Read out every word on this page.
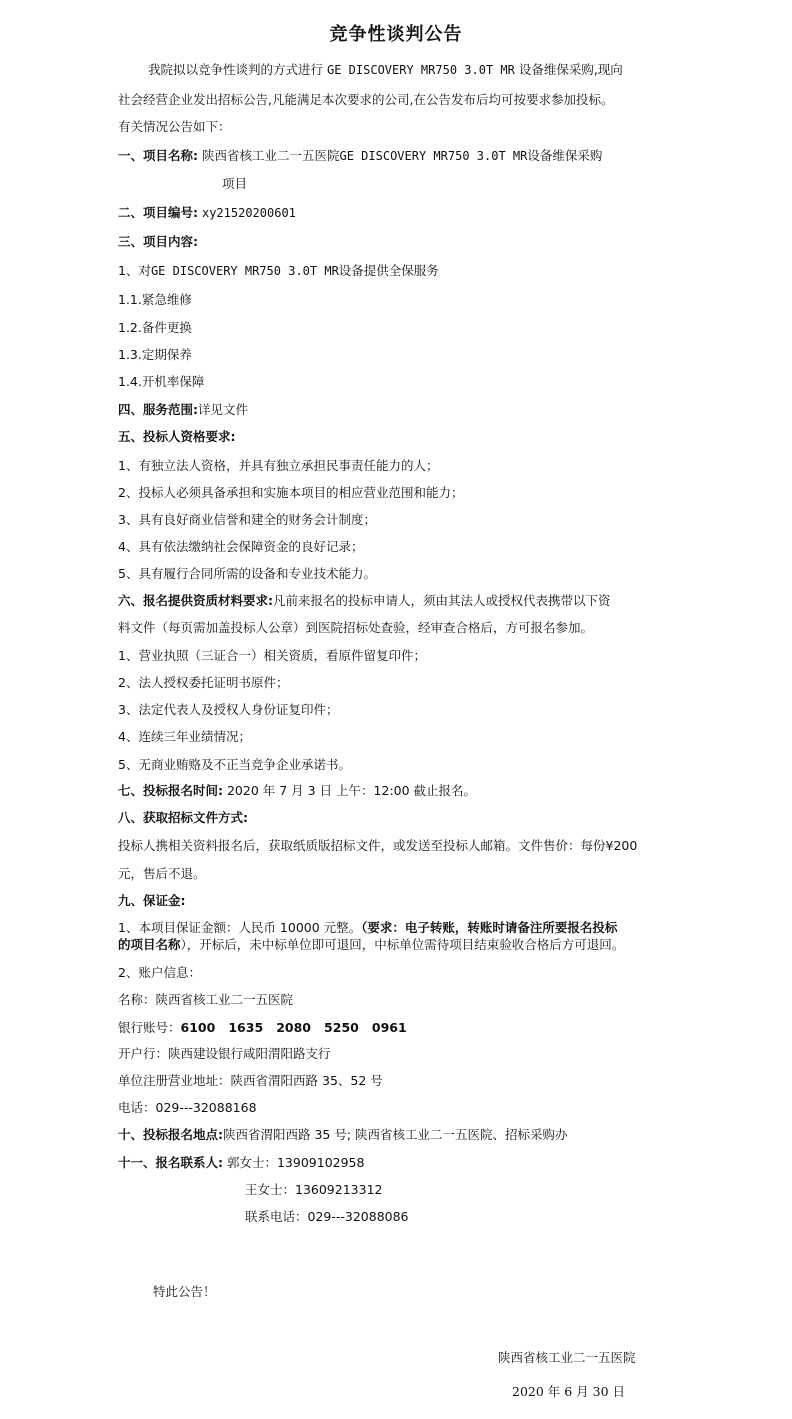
竞争性谈判公告
我院拟以竞争性谈判的方式进行 GE DISCOVERY MR750 3.0T MR 设备维保采购,现向
社会经营企业发出招标公告,凡能满足本次要求的公司,在公告发布后均可按要求参加投标。
有关情况公告如下：
一、项目名称: 陕西省核工业二一五医院GE DISCOVERY MR750 3.0T MR设备维保采购
项目
二、项目编号: xy21520200601
三、项目内容:
1、对GE DISCOVERY MR750 3.0T MR设备提供全保服务
1.1.紧急维修
1.2.备件更换
1.3.定期保养
1.4.开机率保障
四、服务范围:详见文件
五、投标人资格要求:
1、有独立法人资格，并具有独立承担民事责任能力的人；
2、投标人必须具备承担和实施本项目的相应营业范围和能力；
3、具有良好商业信誉和建全的财务会计制度；
4、具有依法缴纳社会保障资金的良好记录；
5、具有履行合同所需的设备和专业技术能力。
六、报名提供资质材料要求:凡前来报名的投标申请人，须由其法人或授权代表携带以下资
料文件（每页需加盖投标人公章）到医院招标处查验，经审查合格后，方可报名参加。
1、营业执照（三证合一）相关资质，看原件留复印件；
2、法人授权委托证明书原件；
3、法定代表人及授权人身份证复印件；
4、连续三年业绩情况；
5、无商业贿赂及不正当竞争企业承诺书。
七、投标报名时间: 2020 年 7 月 3 日 上午：12:00 截止报名。
八、获取招标文件方式:
投标人携相关资料报名后，获取纸质版招标文件，或发送至投标人邮箱。文件售价：每份¥200
元，售后不退。
九、保证金:
1、本项目保证金额：人民币 10000 元整。（要求：电子转账，转账时请备注所要报名投标
的项目名称），开标后，未中标单位即可退回，中标单位需待项目结束验收合格后方可退回。
2、账户信息：
名称：陕西省核工业二一五医院
银行账号：6100   1635   2080   5250   0961
开户行：陕西建设银行咸阳渭阳路支行
单位注册营业地址：陕西省渭阳西路 35、52 号
电话：029---32088168
十、投标报名地点:陕西省渭阳西路 35 号; 陕西省核工业二一五医院、招标采购办
十一、报名联系人: 郭女士：13909102958
王女士：13609213312
联系电话：029---32088086
特此公告！
陕西省核工业二一五医院
2020 年 6 月 30 日
